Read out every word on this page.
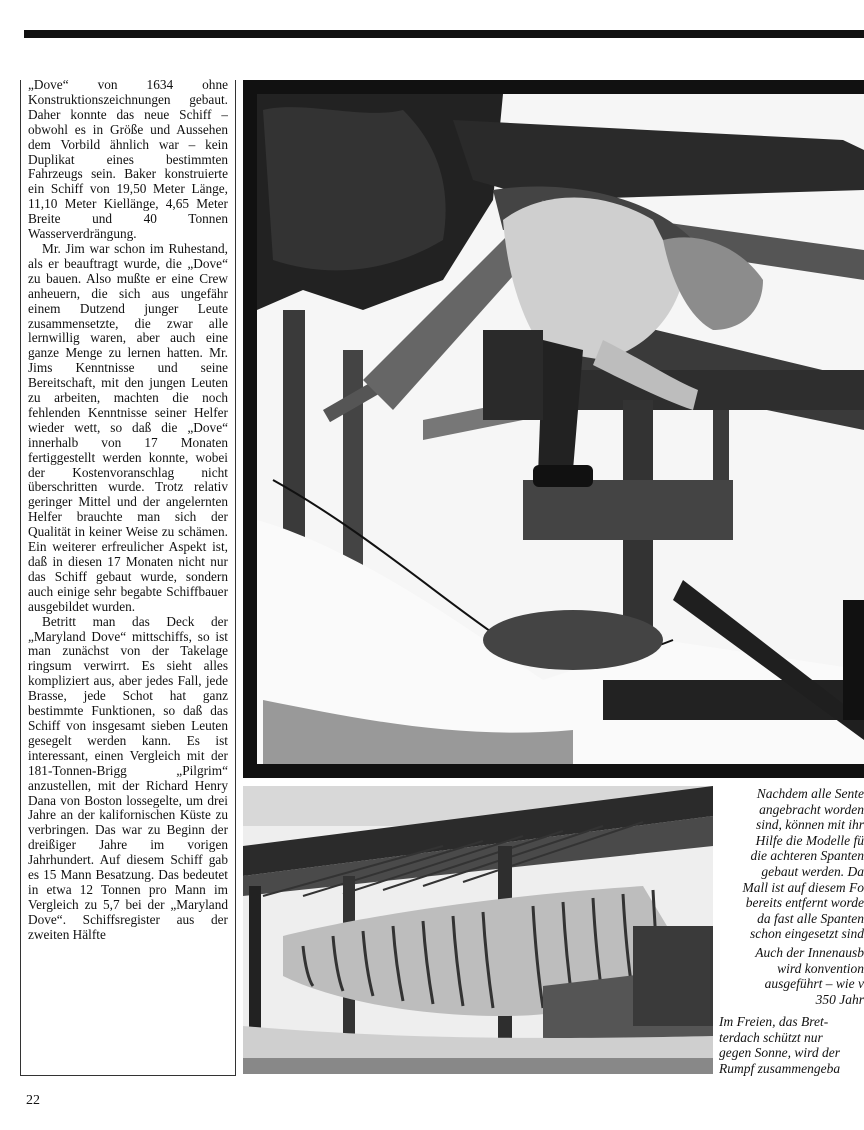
„Dove“ von 1634 ohne Konstruktionszeichnungen gebaut. Daher konnte das neue Schiff – obwohl es in Größe und Aussehen dem Vorbild ähnlich war – kein Duplikat eines bestimmten Fahrzeugs sein. Baker konstruierte ein Schiff von 19,50 Meter Länge, 11,10 Meter Kiellänge, 4,65 Meter Breite und 40 Tonnen Wasserverdrängung.

Mr. Jim war schon im Ruhestand, als er beauftragt wurde, die „Dove“ zu bauen. Also mußte er eine Crew anheuern, die sich aus ungefähr einem Dutzend junger Leute zusammensetzte, die zwar alle lernwillig waren, aber auch eine ganze Menge zu lernen hatten. Mr. Jims Kenntnisse und seine Bereitschaft, mit den jungen Leuten zu arbeiten, machten die noch fehlenden Kenntnisse seiner Helfer wieder wett, so daß die „Dove“ innerhalb von 17 Monaten fertiggestellt werden konnte, wobei der Kostenvoranschlag nicht überschritten wurde. Trotz relativ geringer Mittel und der angelernten Helfer brauchte man sich der Qualität in keiner Weise zu schämen. Ein weiterer erfreulicher Aspekt ist, daß in diesen 17 Monaten nicht nur das Schiff gebaut wurde, sondern auch einige sehr begabte Schiffbauer ausgebildet wurden.

Betritt man das Deck der „Maryland Dove“ mittschiffs, so ist man zunächst von der Takelage ringsum verwirrt. Es sieht alles kompliziert aus, aber jedes Fall, jede Brasse, jede Schot hat ganz bestimmte Funktionen, so daß das Schiff von insgesamt sieben Leuten gesegelt werden kann. Es ist interessant, einen Vergleich mit der 181-Tonnen-Brigg „Pilgrim“ anzustellen, mit der Richard Henry Dana von Boston lossegelte, um drei Jahre an der kalifornischen Küste zu verbringen. Das war zu Beginn der dreißiger Jahre im vorigen Jahrhundert. Auf diesem Schiff gab es 15 Mann Besatzung. Das bedeutet in etwa 12 Tonnen pro Mann im Vergleich zu 5,7 bei der „Maryland Dove“. Schiffsregister aus der zweiten Hälfte

Nachdem alle Sente
angebracht worden
sind, können mit ihr
Hilfe die Modelle fü
die achteren Spanten
gebaut werden. Da
Mall ist auf diesem Fo
bereits entfernt worde
da fast alle Spanten
schon eingesetzt sind
Auch der Innenausb
wird konvention
ausgeführt – wie v
350 Jahr
Im Freien, das Bret-
terdach schützt nur
gegen Sonne, wird der
Rumpf zusammengeba
22
